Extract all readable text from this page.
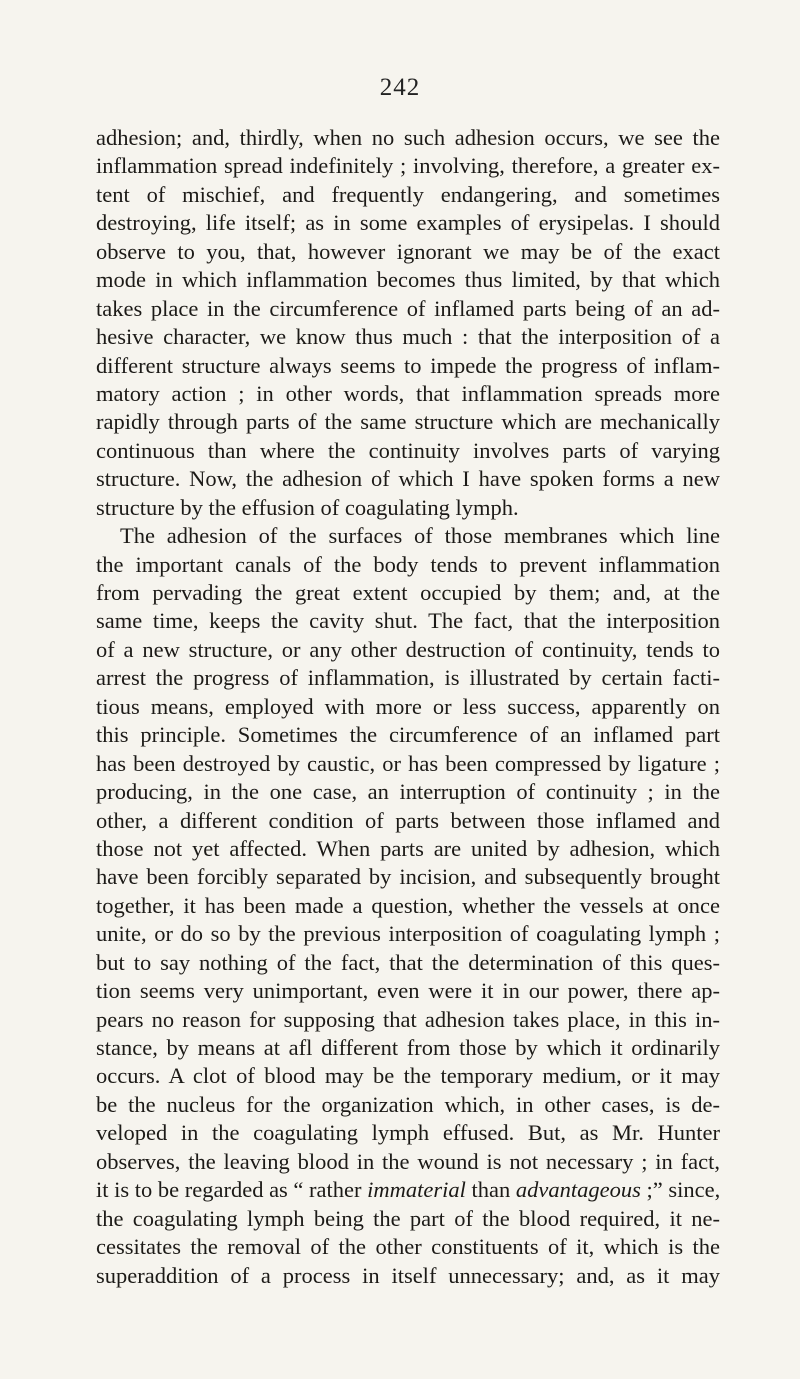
242
adhesion; and, thirdly, when no such adhesion occurs, we see the
inflammation spread indefinitely ; involving, therefore, a greater ex-
tent of mischief, and frequently endangering, and sometimes
destroying, life itself; as in some examples of erysipelas. I should
observe to you, that, however ignorant we may be of the exact
mode in which inflammation becomes thus limited, by that which
takes place in the circumference of inflamed parts being of an ad-
hesive character, we know thus much : that the interposition of a
different structure always seems to impede the progress of inflam-
matory action ; in other words, that inflammation spreads more
rapidly through parts of the same structure which are mechanically
continuous than where the continuity involves parts of varying
structure. Now, the adhesion of which I have spoken forms a new
structure by the effusion of coagulating lymph.
The adhesion of the surfaces of those membranes which line
the important canals of the body tends to prevent inflammation
from pervading the great extent occupied by them; and, at the
same time, keeps the cavity shut. The fact, that the interposition
of a new structure, or any other destruction of continuity, tends to
arrest the progress of inflammation, is illustrated by certain facti-
tious means, employed with more or less success, apparently on
this principle. Sometimes the circumference of an inflamed part
has been destroyed by caustic, or has been compressed by ligature ;
producing, in the one case, an interruption of continuity ; in the
other, a different condition of parts between those inflamed and
those not yet affected. When parts are united by adhesion, which
have been forcibly separated by incision, and subsequently brought
together, it has been made a question, whether the vessels at once
unite, or do so by the previous interposition of coagulating lymph ;
but to say nothing of the fact, that the determination of this ques-
tion seems very unimportant, even were it in our power, there ap-
pears no reason for supposing that adhesion takes place, in this in-
stance, by means at afl different from those by which it ordinarily
occurs. A clot of blood may be the temporary medium, or it may
be the nucleus for the organization which, in other cases, is de-
veloped in the coagulating lymph effused. But, as Mr. Hunter
observes, the leaving blood in the wound is not necessary ; in fact,
it is to be regarded as “ rather immaterial than advantageous ;” since,
the coagulating lymph being the part of the blood required, it ne-
cessitates the removal of the other constituents of it, which is the
superaddition of a process in itself unnecessary; and, as it may
